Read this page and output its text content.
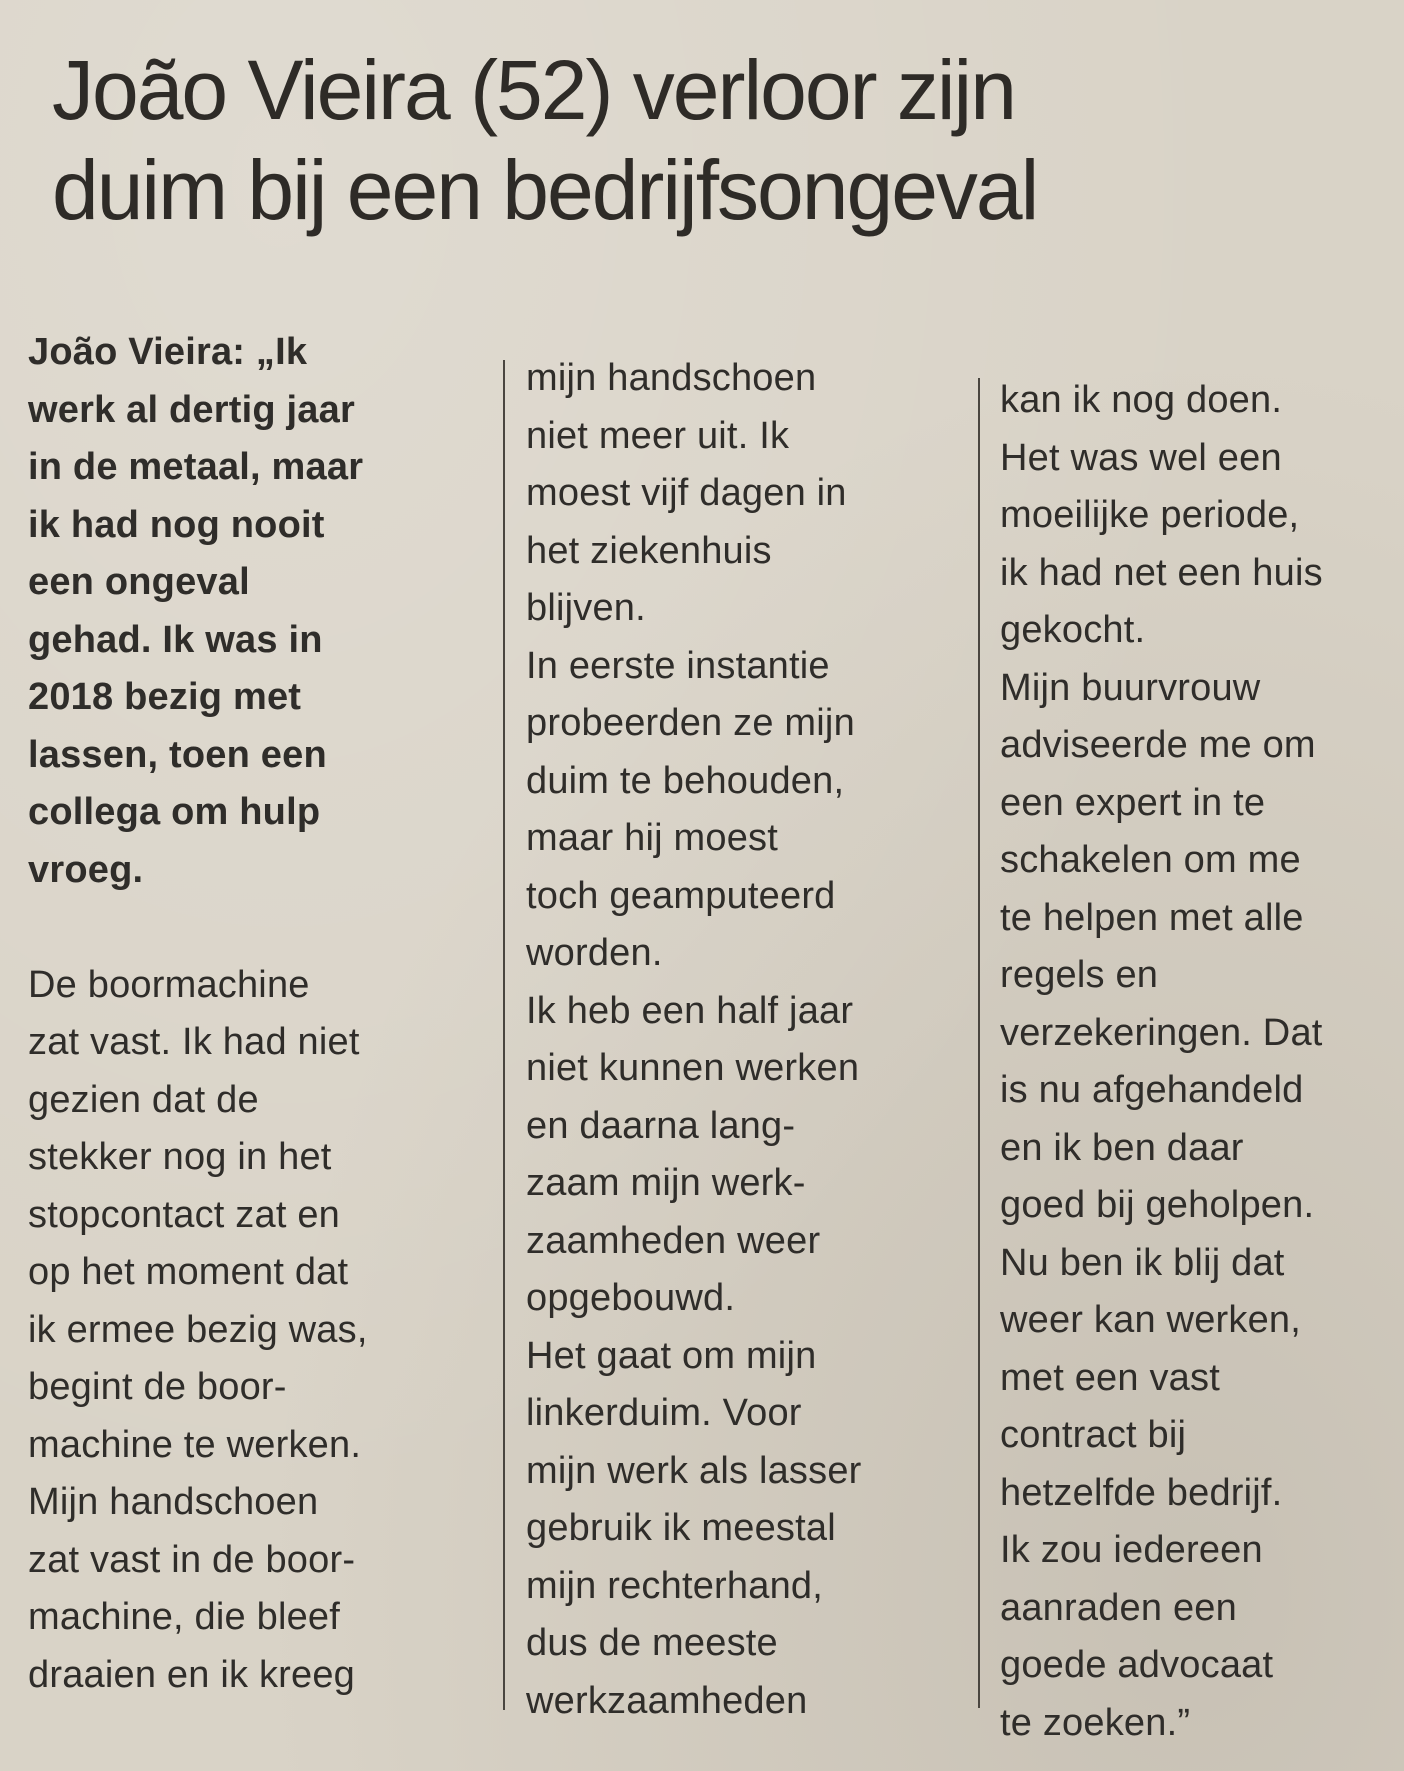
João Vieira (52) verloor zijn
duim bij een bedrijfsongeval
João Vieira: „Ik
werk al dertig jaar
in de metaal, maar
ik had nog nooit
een ongeval
gehad. Ik was in
2018 bezig met
lassen, toen een
collega om hulp
vroeg.
De boormachine
zat vast. Ik had niet
gezien dat de
stekker nog in het
stopcontact zat en
op het moment dat
ik ermee bezig was,
begint de boor-
machine te werken.
Mijn handschoen
zat vast in de boor-
machine, die bleef
draaien en ik kreeg
mijn handschoen
niet meer uit. Ik
moest vijf dagen in
het ziekenhuis
blijven.
In eerste instantie
probeerden ze mijn
duim te behouden,
maar hij moest
toch geamputeerd
worden.
Ik heb een half jaar
niet kunnen werken
en daarna lang-
zaam mijn werk-
zaamheden weer
opgebouwd.
Het gaat om mijn
linkerduim. Voor
mijn werk als lasser
gebruik ik meestal
mijn rechterhand,
dus de meeste
werkzaamheden
kan ik nog doen.
Het was wel een
moeilijke periode,
ik had net een huis
gekocht.
Mijn buurvrouw
adviseerde me om
een expert in te
schakelen om me
te helpen met alle
regels en
verzekeringen. Dat
is nu afgehandeld
en ik ben daar
goed bij geholpen.
Nu ben ik blij dat
weer kan werken,
met een vast
contract bij
hetzelfde bedrijf.
Ik zou iedereen
aanraden een
goede advocaat
te zoeken.”
